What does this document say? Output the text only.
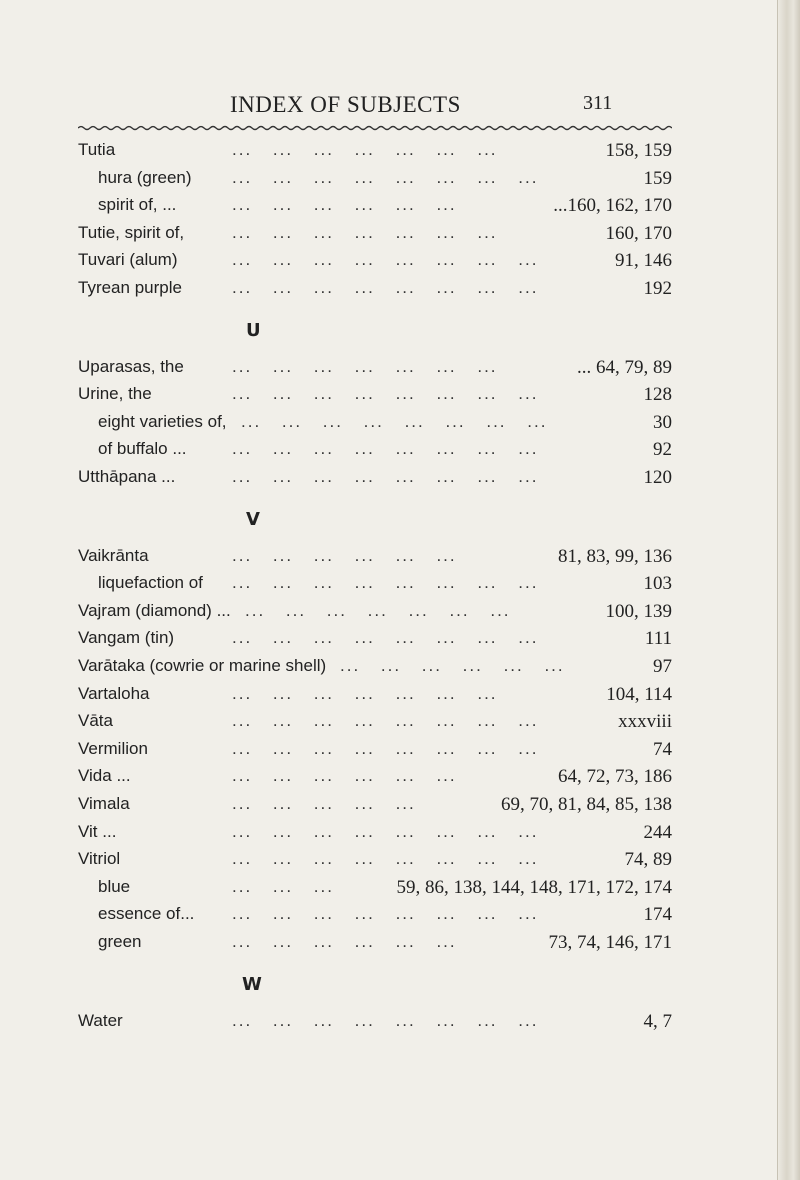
INDEX OF SUBJECTS	311
Tutia	158, 159
... ... ... ... ... ... ...
hura (green)	159
... ... ... ... ... ... ... ...
spirit of, ...	...160, 162, 170
... ... ... ... ... ...
Tutie, spirit of,	160, 170
... ... ... ... ... ... ...
Tuvari (alum)	91, 146
... ... ... ... ... ... ... ...
Tyrean purple	192
... ... ... ... ... ... ... ...
U
Uparasas, the	... 64, 79, 89
... ... ... ... ... ... ...
Urine, the	128
... ... ... ... ... ... ... ...
eight varieties of,	30
... ... ... ... ... ... ... ...
of buffalo ...	92
... ... ... ... ... ... ... ...
Utthāpana ...	120
... ... ... ... ... ... ... ...
V
Vaikrānta	81, 83, 99, 136
... ... ... ... ... ...
liquefaction of	103
... ... ... ... ... ... ... ...
Vajram (diamond) ...	100, 139
... ... ... ... ... ... ...
Vangam (tin)	111
... ... ... ... ... ... ... ...
Varātaka (cowrie or marine shell)	97
... ... ... ... ... ...
Vartaloha	104, 114
... ... ... ... ... ... ...
Vāta	xxxviii
... ... ... ... ... ... ... ...
Vermilion	74
... ... ... ... ... ... ... ...
Vida ...	64, 72, 73, 186
... ... ... ... ... ...
Vimala	69, 70, 81, 84, 85, 138
... ... ... ... ...
Vit ...	244
... ... ... ... ... ... ... ...
Vitriol	74, 89
... ... ... ... ... ... ... ...
blue	59, 86, 138, 144, 148, 171, 172, 174
... ... ...
essence of...	174
... ... ... ... ... ... ... ...
green	73, 74, 146, 171
... ... ... ... ... ...
W
Water	4, 7
... ... ... ... ... ... ... ...
